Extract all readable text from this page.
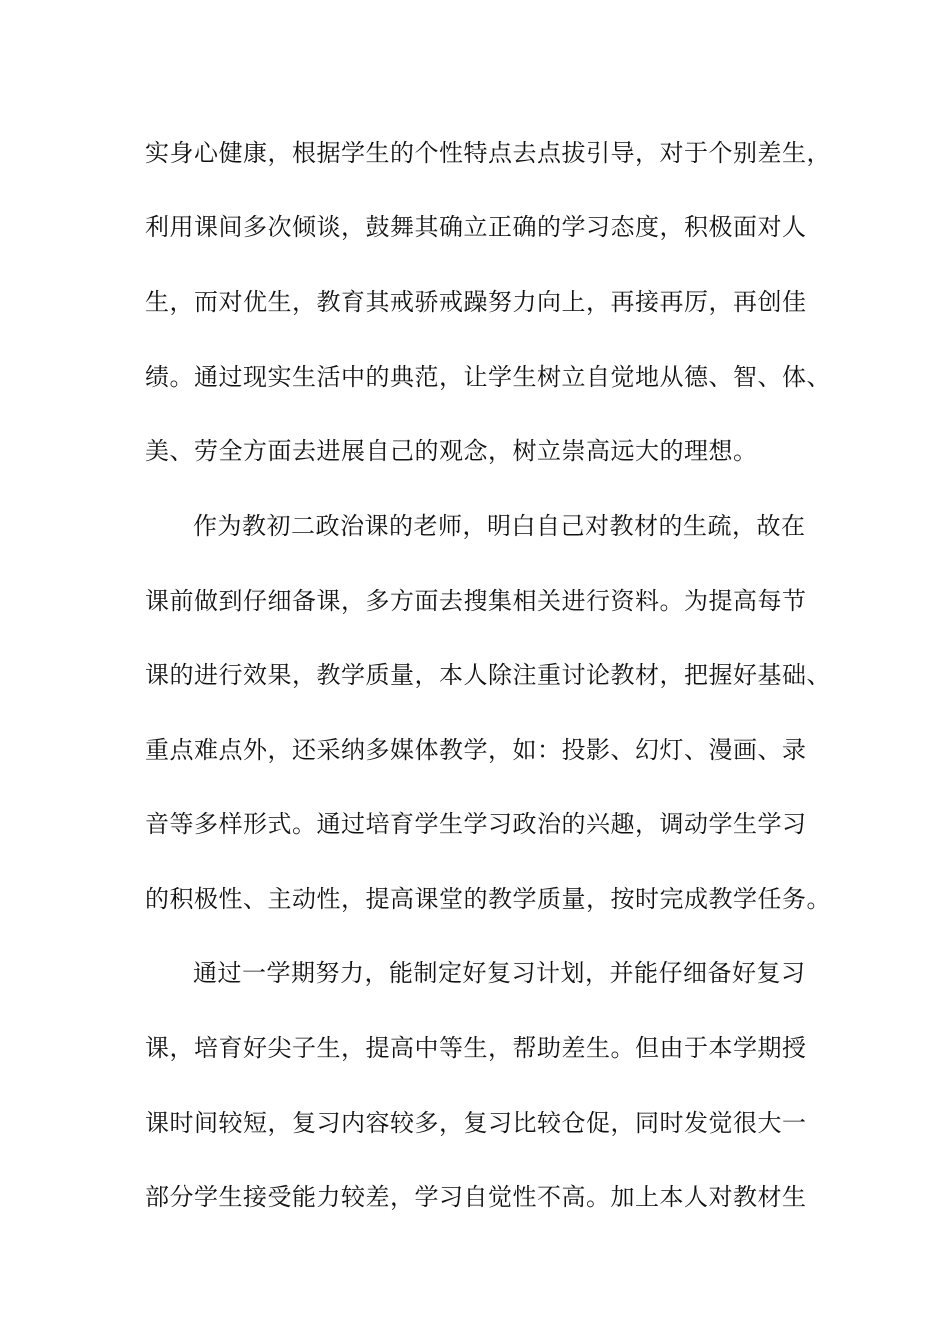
实身心健康，根据学生的个性特点去点拔引导，对于个别差生，
利用课间多次倾谈，鼓舞其确立正确的学习态度，积极面对人
生，而对优生，教育其戒骄戒躁努力向上，再接再厉，再创佳
绩。通过现实生活中的典范，让学生树立自觉地从德、智、体、
美、劳全方面去进展自己的观念，树立崇高远大的理想。
作为教初二政治课的老师，明白自己对教材的生疏，故在
课前做到仔细备课，多方面去搜集相关进行资料。为提高每节
课的进行效果，教学质量，本人除注重讨论教材，把握好基础、
重点难点外，还采纳多媒体教学，如：投影、幻灯、漫画、录
音等多样形式。通过培育学生学习政治的兴趣，调动学生学习
的积极性、主动性，提高课堂的教学质量，按时完成教学任务。
通过一学期努力，能制定好复习计划，并能仔细备好复习
课，培育好尖子生，提高中等生，帮助差生。但由于本学期授
课时间较短，复习内容较多，复习比较仓促，同时发觉很大一
部分学生接受能力较差，学习自觉性不高。加上本人对教材生
